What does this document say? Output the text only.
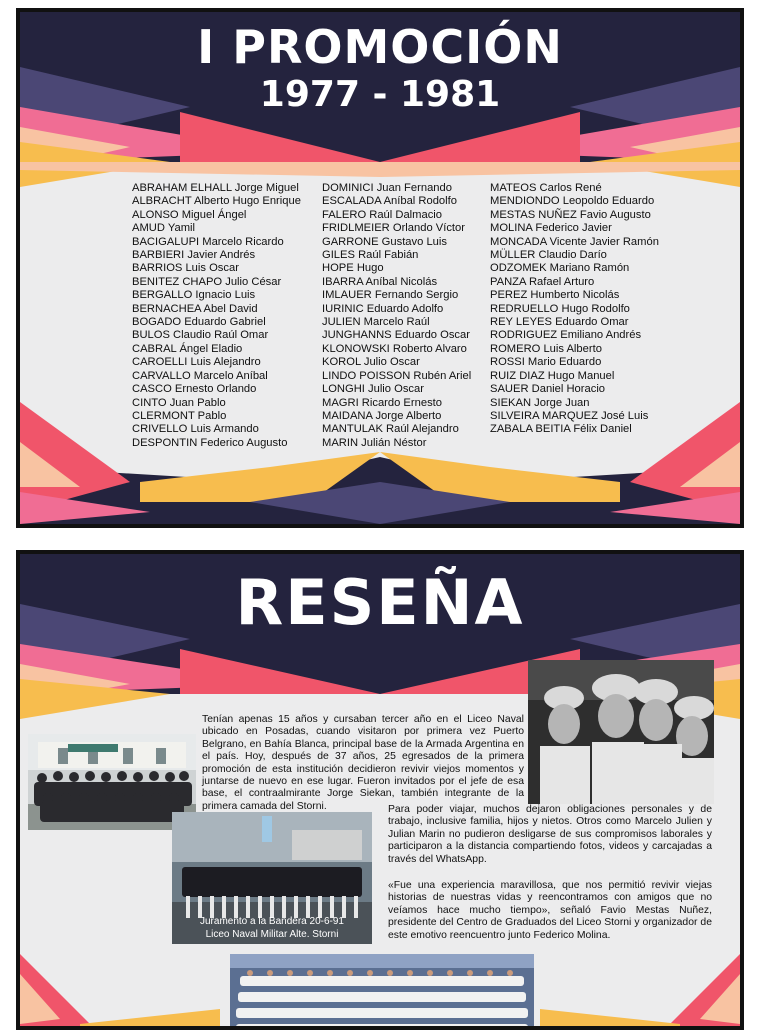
I PROMOCIÓN
1977 - 1981
ABRAHAM ELHALL Jorge Miguel
ALBRACHT Alberto Hugo Enrique
ALONSO Miguel Ángel
AMUD Yamil
BACIGALUPI Marcelo Ricardo
BARBIERI Javier Andrés
BARRIOS Luis Oscar
BENITEZ CHAPO Julio César
BERGALLO Ignacio Luis
BERNACHEA Abel David
BOGADO Eduardo Gabriel
BULOS Claudio Raúl Omar
CABRAL Ángel Eladio
CAROELLI Luis Alejandro
CARVALLO Marcelo Aníbal
CASCO Ernesto Orlando
CINTO Juan Pablo
CLERMONT Pablo
CRIVELLO Luis Armando
DESPONTIN Federico Augusto
DOMINICI Juan Fernando
ESCALADA Aníbal Rodolfo
FALERO Raúl Dalmacio
FRIDLMEIER Orlando Víctor
GARRONE Gustavo Luis
GILES Raúl Fabián
HOPE Hugo
IBARRA Aníbal Nicolás
IMLAUER Fernando Sergio
IURINIC Eduardo Adolfo
JULIEN Marcelo Raúl
JUNGHANNS Eduardo Oscar
KLONOWSKI Roberto Alvaro
KOROL Julio Oscar
LINDO POISSON Rubén Ariel
LONGHI Julio Oscar
MAGRI Ricardo Ernesto
MAIDANA Jorge Alberto
MANTULAK Raúl Alejandro
MARIN Julián Néstor
MATEOS Carlos René
MENDIONDO Leopoldo Eduardo
MESTAS NUÑEZ Favio Augusto
MOLINA Federico Javier
MONCADA Vicente Javier Ramón
MÜLLER Claudio Darío
ODZOMEK Mariano Ramón
PANZA Rafael Arturo
PEREZ Humberto Nicolás
REDRUELLO Hugo Rodolfo
REY LEYES Eduardo Omar
RODRIGUEZ Emiliano Andrés
ROMERO Luis Alberto
ROSSI Mario Eduardo
RUIZ DIAZ Hugo Manuel
SAUER Daniel Horacio
SIEKAN Jorge Juan
SILVEIRA MARQUEZ José Luis
ZABALA BEITIA Félix Daniel
RESEÑA
Juramento a la Bandera 20-6-91
Liceo Naval Militar Alte. Storni

Tenían apenas 15 años y cursaban tercer año en el Liceo Naval ubicado en Posadas, cuando visitaron por primera vez Puerto Belgrano, en Bahía Blanca, principal base de la Armada Argentina en el país. Hoy, después de 37 años, 25 egresados de la primera promoción de esta institución decidieron revivir viejos momentos y juntarse de nuevo en ese lugar. Fueron invitados por el jefe de esa base, el contraalmirante Jorge Siekan, también integrante de la primera camada del Storni.	Para poder viajar, muchos dejaron obligaciones personales y de trabajo, inclusive familia, hijos y nietos. Otros como Marcelo Julien y Julian Marin no pudieron desligarse de sus compromisos laborales y participaron a la distancia compartiendo fotos, videos y carcajadas a través del WhatsApp.

«Fue una experiencia maravillosa, que nos permitió revivir viejas historias de nuestras vidas y reencontramos con amigos que no veíamos hace mucho tiempo», señaló Favio Mestas Nuñez, presidente del Centro de Graduados del Liceo Storni y organizador de este emotivo reencuentro junto Federico Molina.
